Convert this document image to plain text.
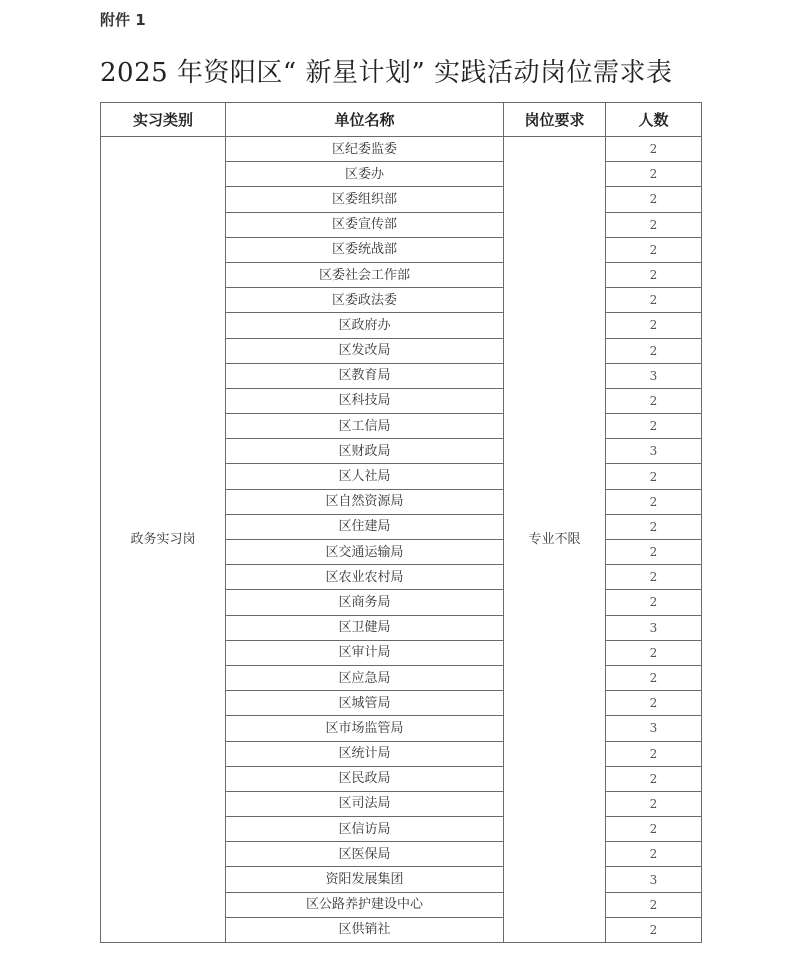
附件 1
2025 年资阳区“ 新星计划” 实践活动岗位需求表
实习类别	单位名称	岗位要求	人数
政务实习岗	区纪委监委	专业不限	2
	区委办		2
	区委组织部		2
	区委宣传部		2
	区委统战部		2
	区委社会工作部		2
	区委政法委		2
	区政府办		2
	区发改局		2
	区教育局		3
	区科技局		2
	区工信局		2
	区财政局		3
	区人社局		2
	区自然资源局		2
	区住建局		2
	区交通运输局		2
	区农业农村局		2
	区商务局		2
	区卫健局		3
	区审计局		2
	区应急局		2
	区城管局		2
	区市场监管局		3
	区统计局		2
	区民政局		2
	区司法局		2
	区信访局		2
	区医保局		2
	资阳发展集团		3
	区公路养护建设中心		2
	区供销社		2
